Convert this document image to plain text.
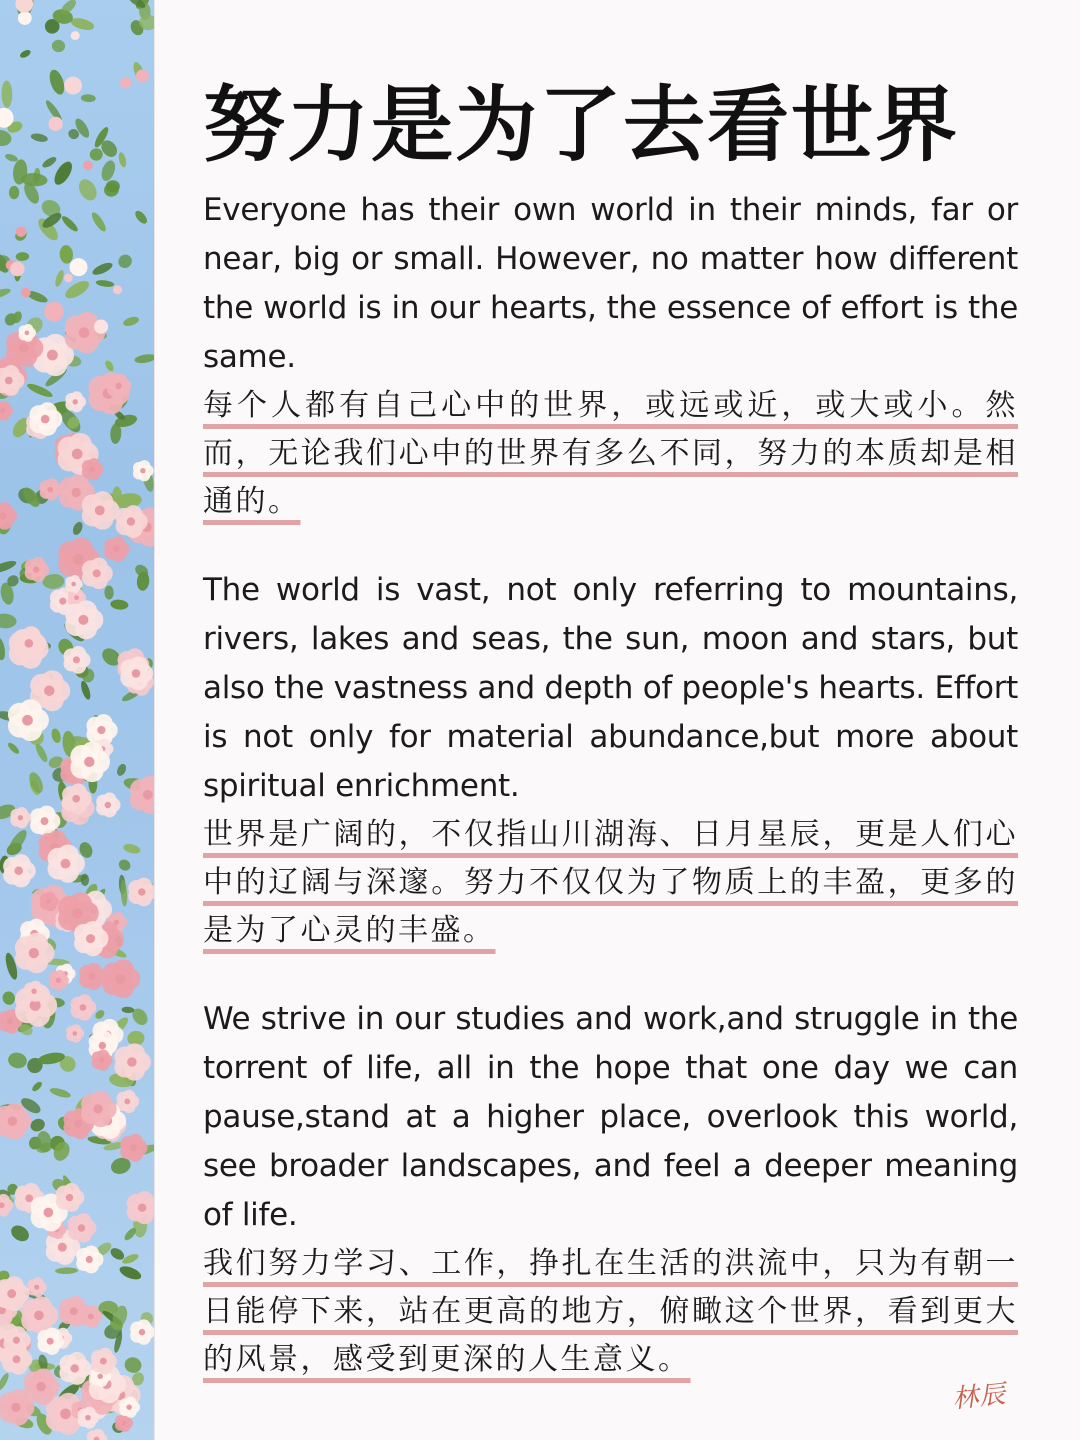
努力是为了去看世界

Everyone has their own world in their minds, far or near, big or small. However, no matter how different the world is in our hearts, the essence of effort is the same.

每个人都有自己心中的世界，或远或近，或大或小。然而，无论我们心中的世界有多么不同，努力的本质却是相通的。

The world is vast, not only referring to mountains, rivers, lakes and seas, the sun, moon and stars, but also the vastness and depth of people's hearts. Effort is not only for material abundance,but more about spiritual enrichment.

世界是广阔的，不仅指山川湖海、日月星辰，更是人们心中的辽阔与深邃。努力不仅仅为了物质上的丰盈，更多的是为了心灵的丰盛。

We strive in our studies and work,and struggle in the torrent of life, all in the hope that one day we can pause,stand at a higher place, overlook this world, see broader landscapes, and feel a deeper meaning of life.

我们努力学习、工作，挣扎在生活的洪流中，只为有朝一日能停下来，站在更高的地方，俯瞰这个世界，看到更大的风景，感受到更深的人生意义。

林辰
